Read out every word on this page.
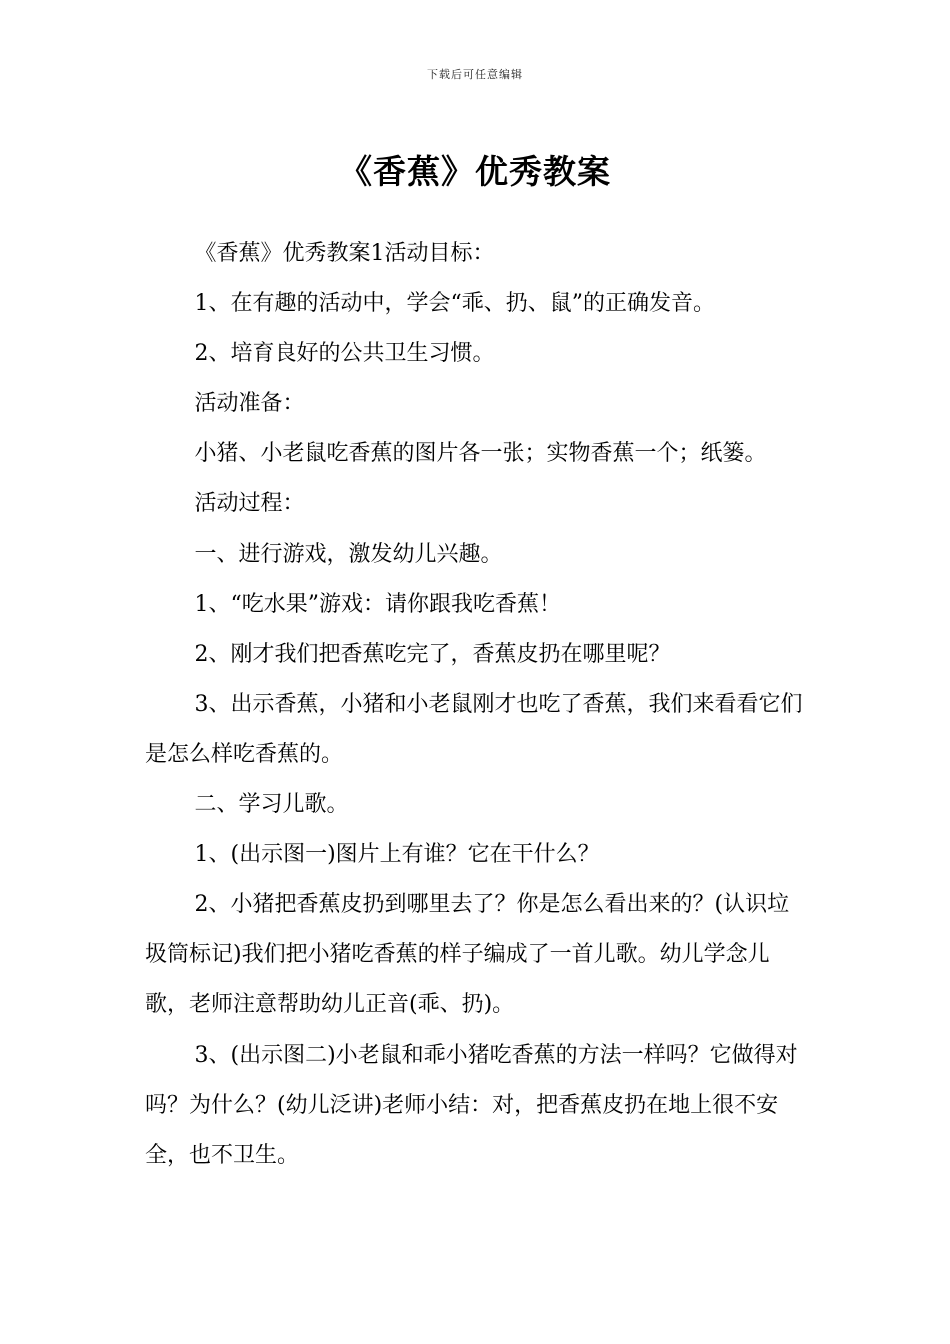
下载后可任意编辑
《香蕉》优秀教案

《香蕉》优秀教案1活动目标：

1、在有趣的活动中，学会“乖、扔、鼠”的正确发音。

2、培育良好的公共卫生习惯。

活动准备：

小猪、小老鼠吃香蕉的图片各一张；实物香蕉一个；纸篓。

活动过程：

一、进行游戏，激发幼儿兴趣。

1、“吃水果”游戏：请你跟我吃香蕉！

2、刚才我们把香蕉吃完了，香蕉皮扔在哪里呢？

3、出示香蕉，小猪和小老鼠刚才也吃了香蕉，我们来看看它们是怎么样吃香蕉的。

二、学习儿歌。

1、(出示图一)图片上有谁？它在干什么？

2、小猪把香蕉皮扔到哪里去了？你是怎么看出来的？(认识垃圾筒标记)我们把小猪吃香蕉的样子编成了一首儿歌。幼儿学念儿歌，老师注意帮助幼儿正音(乖、扔)。

3、(出示图二)小老鼠和乖小猪吃香蕉的方法一样吗？它做得对吗？为什么？(幼儿泛讲)老师小结：对，把香蕉皮扔在地上很不安全，也不卫生。
